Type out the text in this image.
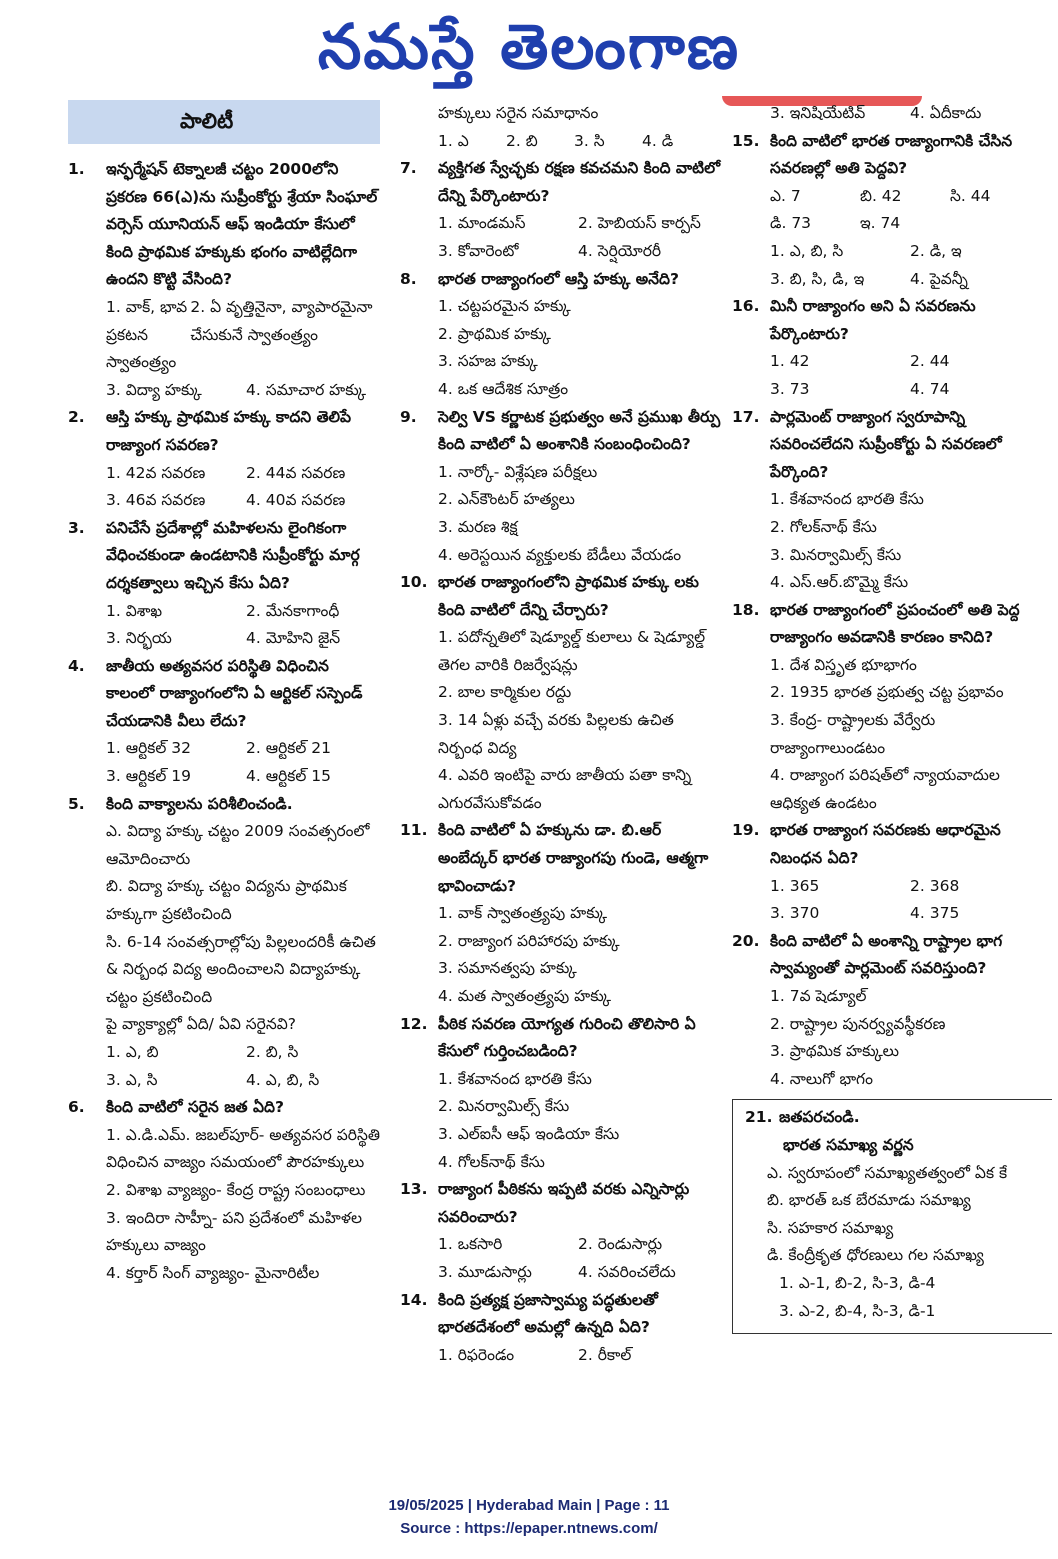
నమస్తే తెలంగాణ
పాలిటీ
1.	ఇన్ఫర్మేషన్ టెక్నాలజీ చట్టం 2000లోని ప్రకరణ 66(ఎ)ను సుప్రీంకోర్టు శ్రేయా సింఘాల్ వర్సెస్ యూనియన్ ఆఫ్ ఇండియా కేసులో కింది ప్రాథమిక హక్కుకు భంగం వాటిల్లేదిగా ఉందని కొట్టి వేసింది?
1. వాక్, భావ ప్రకటన స్వాతంత్ర్యం
2. ఏ వృత్తినైనా, వ్యాపారమైనా చేసుకునే స్వాతంత్ర్యం
3. విద్యా హక్కు	4. సమాచార హక్కు
2.	ఆస్తి హక్కు ప్రాథమిక హక్కు కాదని తెలిపే రాజ్యాంగ సవరణ?
1. 42వ సవరణ	2. 44వ సవరణ
3. 46వ సవరణ	4. 40వ సవరణ
3.	పనిచేసే ప్రదేశాల్లో మహిళలను లైంగికంగా వేధించకుండా ఉండటానికి సుప్రీంకోర్టు మార్గ దర్శకత్వాలు ఇచ్చిన కేసు ఏది?
1. విశాఖ	2. మేనకాగాంధీ
3. నిర్భయ	4. మోహిని జైన్
4.	జాతీయ అత్యవసర పరిస్థితి విధించిన కాలంలో రాజ్యాంగంలోని ఏ ఆర్టికల్ సస్పెండ్ చేయడానికి వీలు లేదు?
1. ఆర్టికల్ 32	2. ఆర్టికల్ 21
3. ఆర్టికల్ 19	4. ఆర్టికల్ 15
5.	కింది వాక్యాలను పరిశీలించండి.
ఎ. విద్యా హక్కు చట్టం 2009 సంవత్సరంలో ఆమోదించారు
బి. విద్యా హక్కు చట్టం విద్యను ప్రాథమిక హక్కుగా ప్రకటించింది
సి. 6-14 సంవత్సరాల్లోపు పిల్లలందరికీ ఉచిత & నిర్బంధ విద్య అందించాలని విద్యాహక్కు చట్టం ప్రకటించింది
పై వ్యాక్యాల్లో ఏది/ ఏవి సరైనవి?
1. ఎ, బి	2. బి, సి
3. ఎ, సి	4. ఎ, బి, సి
6.	కింది వాటిలో సరైన జత ఏది?
1. ఎ.డి.ఎమ్. జబల్‌పూర్- అత్యవసర పరిస్థితి విధించిన వాజ్యం సమయంలో పౌరహక్కులు
2. విశాఖ వ్యాజ్యం- కేంద్ర రాష్ట్ర సంబంధాలు
3. ఇందిరా సాహ్నీ- పని ప్రదేశంలో మహిళల హక్కులు వాజ్యం
4. కర్తార్ సింగ్ వ్యాజ్యం- మైనారిటీల
హక్కులు సరైన సమాధానం
1. ఎ	2. బి	3. సి	4. డి
7.	వ్యక్తిగత స్వేచ్ఛకు రక్షణ కవచమని కింది వాటిలో దేన్ని పేర్కొంటారు?
1. మాండమస్	2. హెబియస్ కార్పస్
3. కోవారెంటో	4. సెర్షియోరరీ
8.	భారత రాజ్యాంగంలో ఆస్తి హక్కు అనేది?
1. చట్టపరమైన హక్కు
2. ప్రాథమిక హక్కు
3. సహజ హక్కు
4. ఒక ఆదేశిక సూత్రం
9.	సెల్వి VS కర్ణాటక ప్రభుత్వం అనే ప్రముఖ తీర్పు కింది వాటిలో ఏ అంశానికి సంబంధించింది?
1. నార్కో- విశ్లేషణ పరీక్షలు
2. ఎన్‌కౌంటర్ హత్యలు
3. మరణ శిక్ష
4. అరెస్టయిన వ్యక్తులకు బేడీలు వేయడం
10. భారత రాజ్యాంగంలోని ప్రాథమిక హక్కు లకు కింది వాటిలో దేన్ని చేర్చారు?
1. పదోన్నతిలో షెడ్యూల్డ్ కులాలు & షెడ్యూల్డ్ తెగల వారికి రిజర్వేషన్లు
2. బాల కార్మికుల రద్దు
3. 14 ఏళ్లు వచ్చే వరకు పిల్లలకు ఉచిత నిర్బంధ విద్య
4. ఎవరి ఇంటిపై వారు జాతీయ పతా కాన్ని ఎగురవేసుకోవడం
11. కింది వాటిలో ఏ హక్కును డా. బి.ఆర్ అంబేద్కర్ భారత రాజ్యాంగపు గుండె, ఆత్మగా భావించాడు?
1. వాక్ స్వాతంత్ర్యపు హక్కు
2. రాజ్యాంగ పరిహారపు హక్కు
3. సమానత్వపు హక్కు
4. మత స్వాతంత్ర్యపు హక్కు
12. పీఠిక సవరణ యోగ్యత గురించి తొలిసారి ఏ కేసులో గుర్తించబడింది?
1. కేశవానంద భారతి కేసు
2. మినర్వామిల్స్ కేసు
3. ఎల్ఐసీ ఆఫ్ ఇండియా కేసు
4. గోలక్‌నాథ్ కేసు
13. రాజ్యాంగ పీఠికను ఇప్పటి వరకు ఎన్నిసార్లు సవరించారు?
1. ఒకసారి	2. రెండుసార్లు
3. మూడుసార్లు	4. సవరించలేదు
14. కింది ప్రత్యక్ష ప్రజాస్వామ్య పద్ధతులతో భారతదేశంలో అమల్లో ఉన్నది ఏది?
1. రిఫరెండం	2. రీకాల్
3. ఇనిషియేటివ్	4. ఏదీకాదు
15. కింది వాటిలో భారత రాజ్యాంగానికి చేసిన సవరణల్లో అతి పెద్దవి?
ఎ. 7	బి. 42	సి. 44
డి. 73	ఇ. 74
1. ఎ, బి, సి	2. డి, ఇ
3. బి, సి, డి, ఇ	4. పైవన్నీ
16. మినీ రాజ్యాంగం అని ఏ సవరణను పేర్కొంటారు?
1. 42	2. 44
3. 73	4. 74
17. పార్లమెంట్ రాజ్యాంగ స్వరూపాన్ని సవరించలేదని సుప్రీంకోర్టు ఏ సవరణలో పేర్కొంది?
1. కేశవానంద భారతి కేసు
2. గోలక్‌నాథ్ కేసు
3. మినర్వామిల్స్ కేసు
4. ఎస్.ఆర్.బొమ్మై కేసు
18. భారత రాజ్యాంగంలో ప్రపంచంలో అతి పెద్ద రాజ్యాంగం అవడానికి కారణం కానిది?
1. దేశ విస్తృత భూభాగం
2. 1935 భారత ప్రభుత్వ చట్ట ప్రభావం
3. కేంద్ర- రాష్ట్రాలకు వేర్వేరు రాజ్యాంగాలుండటం
4. రాజ్యాంగ పరిషత్‌లో న్యాయవాదుల ఆధిక్యత ఉండటం
19. భారత రాజ్యాంగ సవరణకు ఆధారమైన నిబంధన ఏది?
1. 365	2. 368
3. 370	4. 375
20. కింది వాటిలో ఏ అంశాన్ని రాష్ట్రాల భాగ స్వామ్యంతో పార్లమెంట్ సవరిస్తుంది?
1. 7వ షెడ్యూల్
2. రాష్ట్రాల పునర్వ్యవస్థీకరణ
3. ప్రాథమిక హక్కులు
4. నాలుగో భాగం
21. జతపరచండి.
భారత సమాఖ్య వర్ణన
ఎ. స్వరూపంలో సమాఖ్యతత్వంలో ఏక కే
బి. భారత్ ఒక బేరమాడు సమాఖ్య
సి. సహకార సమాఖ్య
డి. కేంద్రీకృత ధోరణులు గల సమాఖ్య
1. ఎ-1, బి-2, సి-3, డి-4
3. ఎ-2, బి-4, సి-3, డి-1
19/05/2025 | Hyderabad Main | Page : 11
Source : https://epaper.ntnews.com/
